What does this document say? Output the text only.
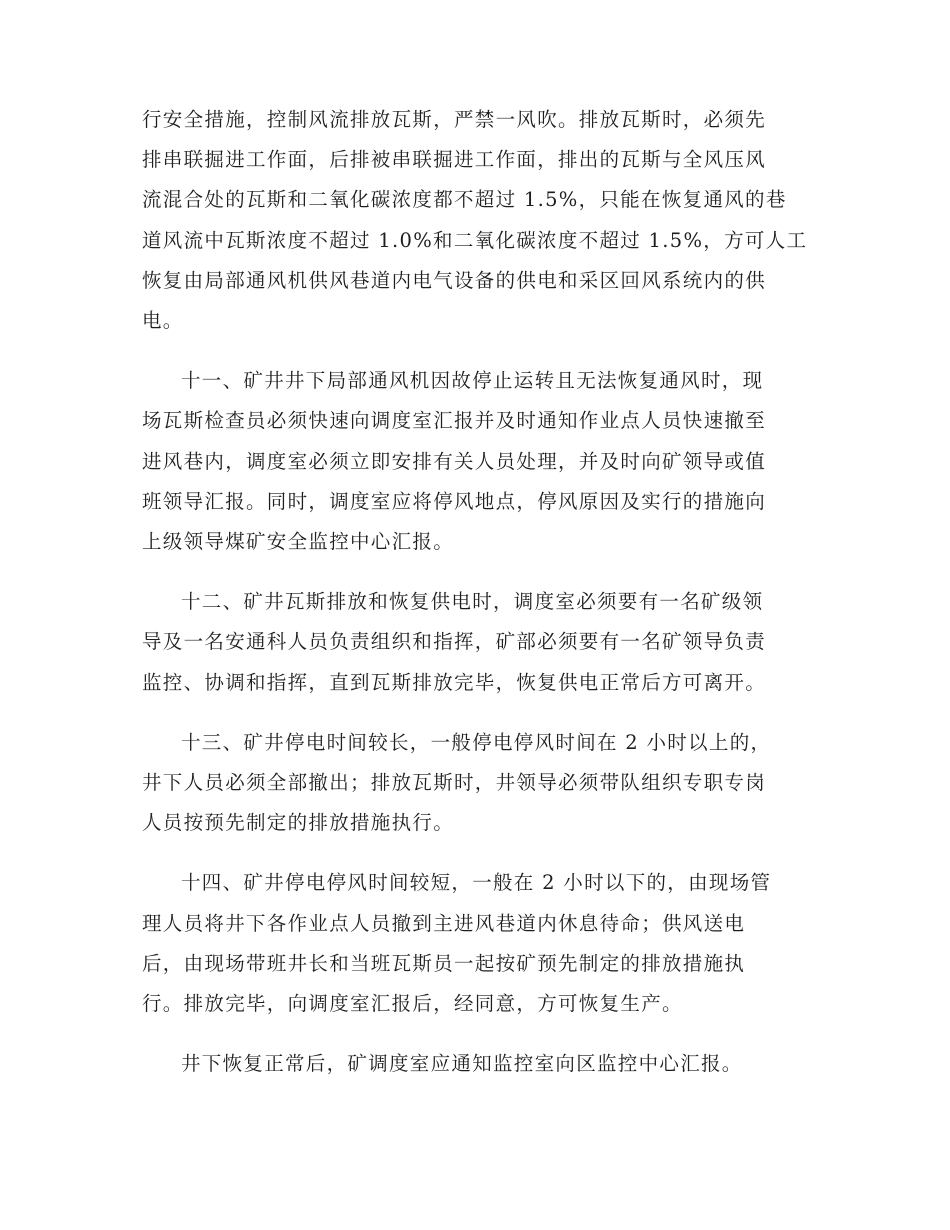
行安全措施，控制风流排放瓦斯，严禁一风吹。排放瓦斯时，必须先
排串联掘进工作面，后排被串联掘进工作面，排出的瓦斯与全风压风
流混合处的瓦斯和二氧化碳浓度都不超过 1.5%，只能在恢复通风的巷
道风流中瓦斯浓度不超过 1.0%和二氧化碳浓度不超过 1.5%，方可人工
恢复由局部通风机供风巷道内电气设备的供电和采区回风系统内的供
电。

十一、矿井井下局部通风机因故停止运转且无法恢复通风时，现
场瓦斯检查员必须快速向调度室汇报并及时通知作业点人员快速撤至
进风巷内，调度室必须立即安排有关人员处理，并及时向矿领导或值
班领导汇报。同时，调度室应将停风地点，停风原因及实行的措施向
上级领导煤矿安全监控中心汇报。

十二、矿井瓦斯排放和恢复供电时，调度室必须要有一名矿级领
导及一名安通科人员负责组织和指挥，矿部必须要有一名矿领导负责
监控、协调和指挥，直到瓦斯排放完毕，恢复供电正常后方可离开。

十三、矿井停电时间较长，一般停电停风时间在 2 小时以上的，
井下人员必须全部撤出；排放瓦斯时，井领导必须带队组织专职专岗
人员按预先制定的排放措施执行。

十四、矿井停电停风时间较短，一般在 2 小时以下的，由现场管
理人员将井下各作业点人员撤到主进风巷道内休息待命；供风送电
后，由现场带班井长和当班瓦斯员一起按矿预先制定的排放措施执
行。排放完毕，向调度室汇报后，经同意，方可恢复生产。

井下恢复正常后，矿调度室应通知监控室向区监控中心汇报。
